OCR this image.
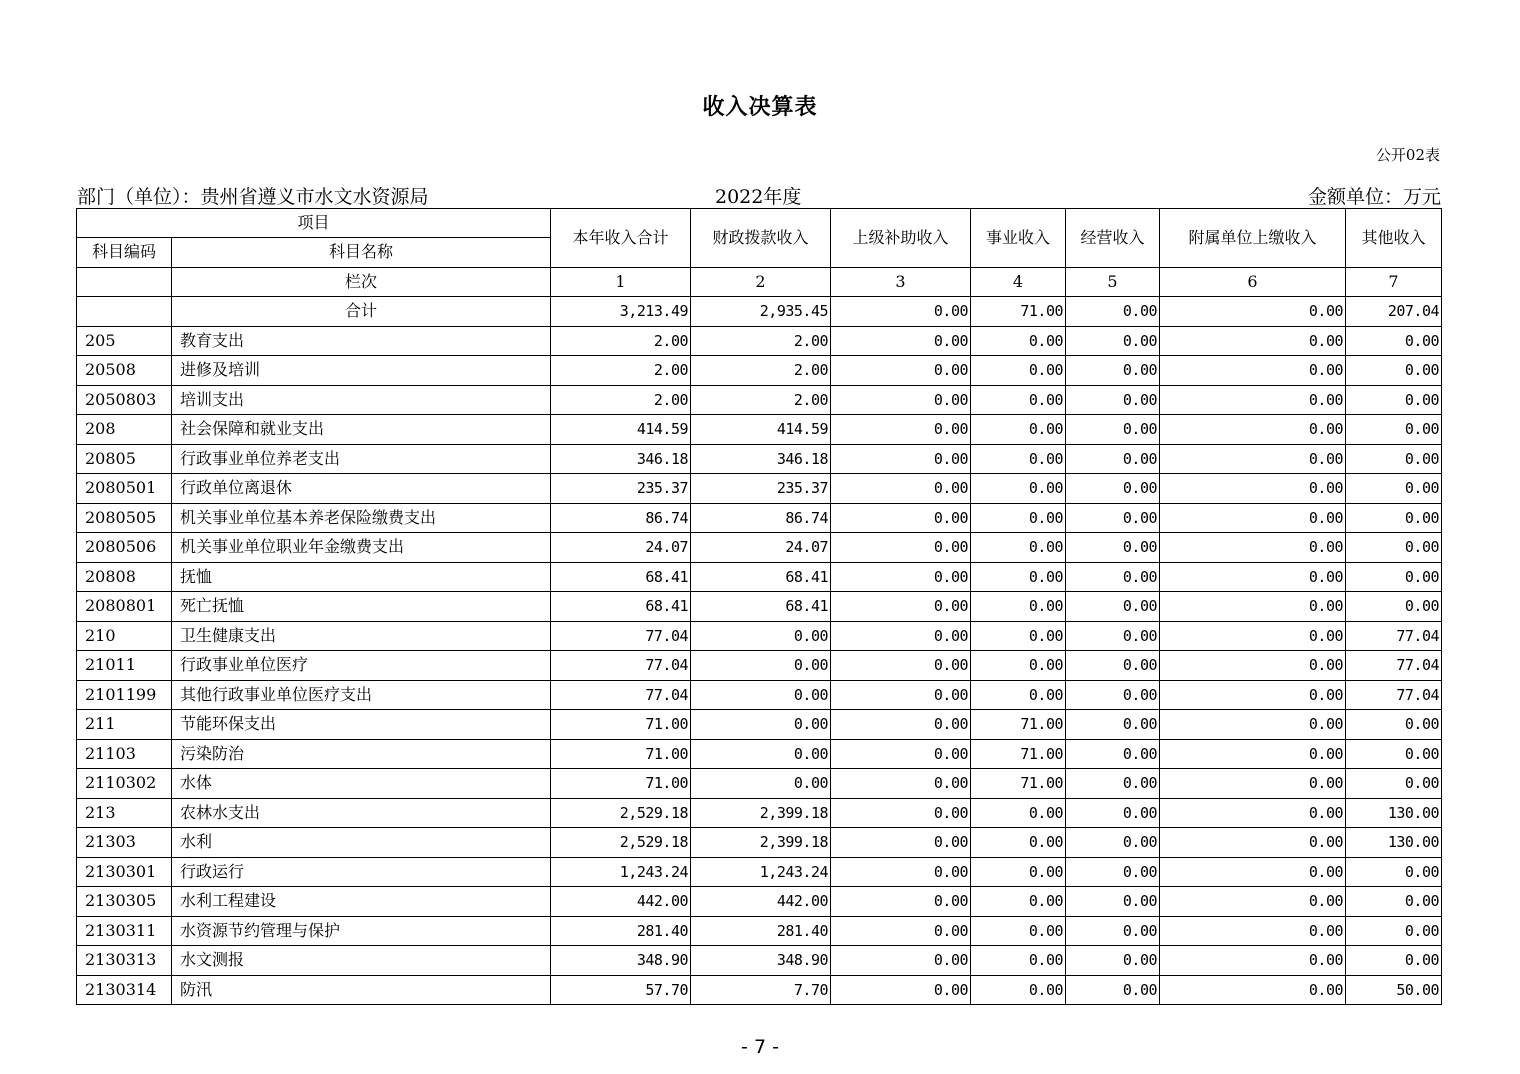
收入决算表
公开02表
部门（单位）：贵州省遵义市水文水资源局	2022年度	金额单位：万元
项目		本年收入合计	财政拨款收入	上级补助收入	事业收入	经营收入	附属单位上缴收入	其他收入
科目编码	科目名称							
	栏次	1	2	3	4	5	6	7
	合计	3,213.49	2,935.45	0.00	71.00	0.00	0.00	207.04
205	教育支出	2.00	2.00	0.00	0.00	0.00	0.00	0.00
20508	进修及培训	2.00	2.00	0.00	0.00	0.00	0.00	0.00
2050803	培训支出	2.00	2.00	0.00	0.00	0.00	0.00	0.00
208	社会保障和就业支出	414.59	414.59	0.00	0.00	0.00	0.00	0.00
20805	行政事业单位养老支出	346.18	346.18	0.00	0.00	0.00	0.00	0.00
2080501	行政单位离退休	235.37	235.37	0.00	0.00	0.00	0.00	0.00
2080505	机关事业单位基本养老保险缴费支出	86.74	86.74	0.00	0.00	0.00	0.00	0.00
2080506	机关事业单位职业年金缴费支出	24.07	24.07	0.00	0.00	0.00	0.00	0.00
20808	抚恤	68.41	68.41	0.00	0.00	0.00	0.00	0.00
2080801	死亡抚恤	68.41	68.41	0.00	0.00	0.00	0.00	0.00
210	卫生健康支出	77.04	0.00	0.00	0.00	0.00	0.00	77.04
21011	行政事业单位医疗	77.04	0.00	0.00	0.00	0.00	0.00	77.04
2101199	其他行政事业单位医疗支出	77.04	0.00	0.00	0.00	0.00	0.00	77.04
211	节能环保支出	71.00	0.00	0.00	71.00	0.00	0.00	0.00
21103	污染防治	71.00	0.00	0.00	71.00	0.00	0.00	0.00
2110302	水体	71.00	0.00	0.00	71.00	0.00	0.00	0.00
213	农林水支出	2,529.18	2,399.18	0.00	0.00	0.00	0.00	130.00
21303	水利	2,529.18	2,399.18	0.00	0.00	0.00	0.00	130.00
2130301	行政运行	1,243.24	1,243.24	0.00	0.00	0.00	0.00	0.00
2130305	水利工程建设	442.00	442.00	0.00	0.00	0.00	0.00	0.00
2130311	水资源节约管理与保护	281.40	281.40	0.00	0.00	0.00	0.00	0.00
2130313	水文测报	348.90	348.90	0.00	0.00	0.00	0.00	0.00
2130314	防汛	57.70	7.70	0.00	0.00	0.00	0.00	50.00
- 7 -
